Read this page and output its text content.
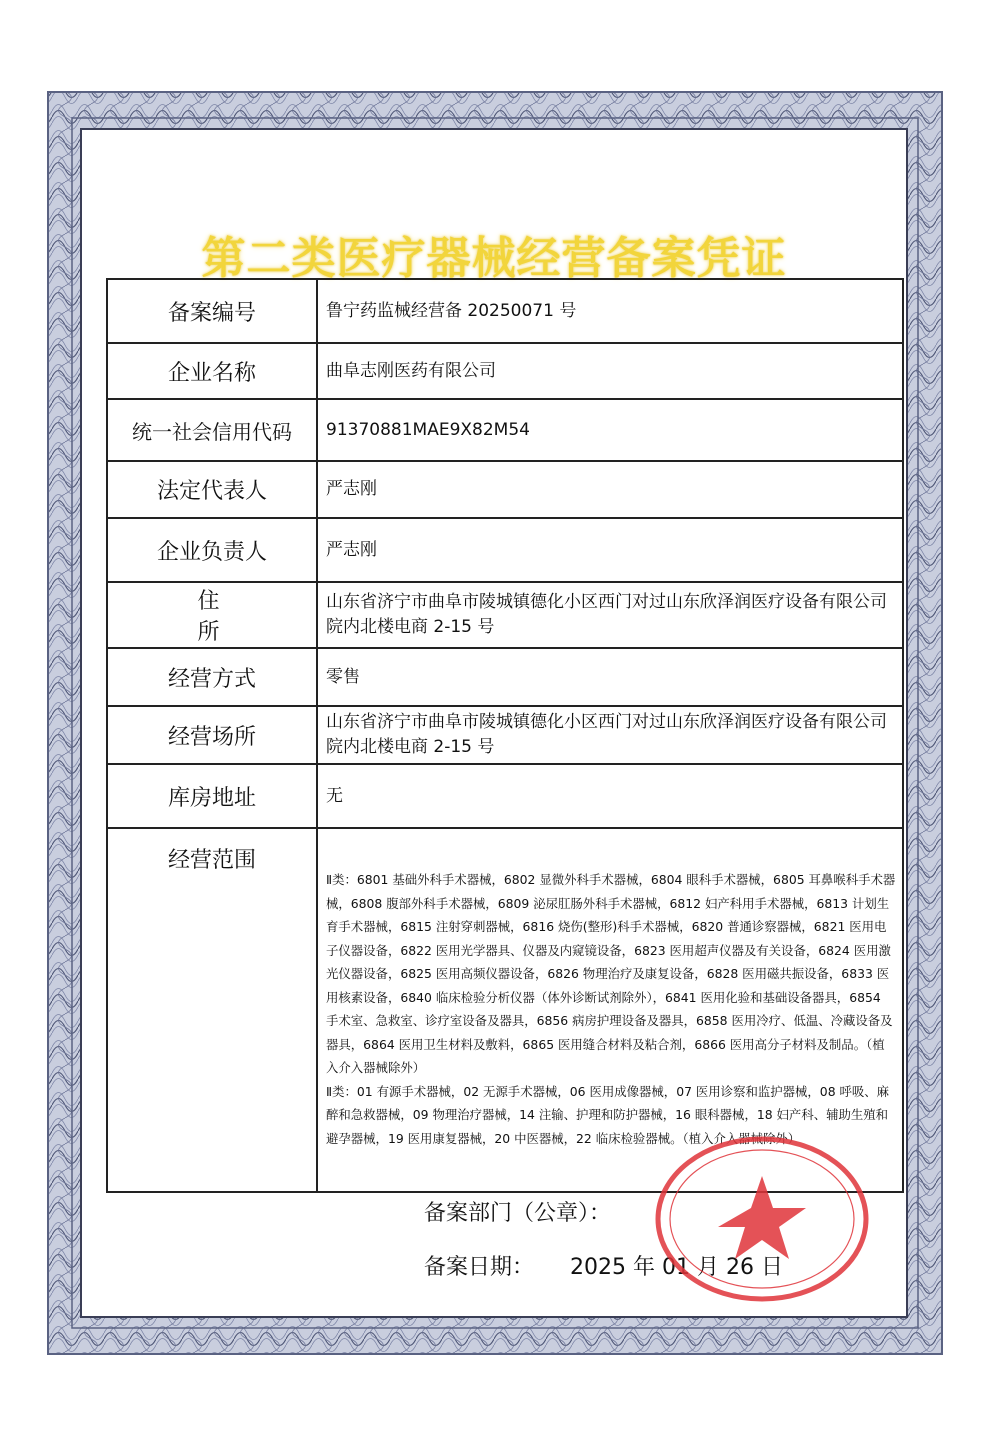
第二类医疗器械经营备案凭证
备案编号	鲁宁药监械经营备 20250071 号
企业名称	曲阜志刚医药有限公司
统一社会信用代码	91370881MAE9X82M54
法定代表人	严志刚
企业负责人	严志刚
住 所	山东省济宁市曲阜市陵城镇德化小区西门对过山东欣泽润医疗设备有限公司院内北楼电商 2-15 号
经营方式	零售
经营场所	山东省济宁市曲阜市陵城镇德化小区西门对过山东欣泽润医疗设备有限公司院内北楼电商 2-15 号
库房地址	无
经营范围	Ⅱ类：6801 基础外科手术器械，6802 显微外科手术器械，6804 眼科手术器械，6805 耳鼻喉科手术器械，6808 腹部外科手术器械，6809 泌尿肛肠外科手术器械，6812 妇产科用手术器械，6813 计划生育手术器械，6815 注射穿刺器械，6816 烧伤(整形)科手术器械，6820 普通诊察器械，6821 医用电子仪器设备，6822 医用光学器具、仪器及内窥镜设备，6823 医用超声仪器及有关设备，6824 医用激光仪器设备，6825 医用高频仪器设备，6826 物理治疗及康复设备，6828 医用磁共振设备，6833 医用核素设备，6840 临床检验分析仪器（体外诊断试剂除外），6841 医用化验和基础设备器具，6854 手术室、急救室、诊疗室设备及器具，6856 病房护理设备及器具，6858 医用冷疗、低温、冷藏设备及器具，6864 医用卫生材料及敷料，6865 医用缝合材料及粘合剂，6866 医用高分子材料及制品。（植入介入器械除外）

Ⅱ类：01 有源手术器械，02 无源手术器械，06 医用成像器械，07 医用诊察和监护器械，08 呼吸、麻醉和急救器械，09 物理治疗器械，14 注输、护理和防护器械，16 眼科器械，18 妇产科、辅助生殖和避孕器械，19 医用康复器械，20 中医器械，22 临床检验器械。（植入介入器械除外）

备案部门（公章）：
备案日期： 2025 年 01 月 26 日
